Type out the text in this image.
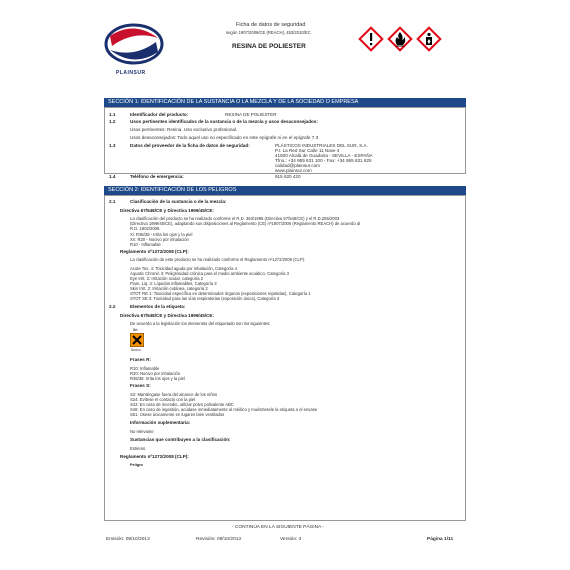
PLAINSUR
Ficha de datos de seguridad
según 1907/2006/CE (REACH), 453/2010/EC
RESINA DE POLIESTER
SECCIÓN 1: IDENTIFICACIÓN DE LA SUSTANCIA O LA MEZCLA Y DE LA SOCIEDAD O EMPRESA
1.1	Identificador del producto:	RESINA DE POLIESTER
1.2	Usos pertinentes identificados de la sustancia o de la mezcla y usos desaconsejados:
Usos pertinentes: Resina. Uso exclusivo profesional.
Usos desaconsejados: Todo aquel uso no especificado en este epígrafe ni en el epígrafe 7.3
1.3	Datos del proveedor de la ficha de datos de seguridad:	PLÁSTICOS INDUSTRIALES DEL SUR, S.A.
P.I. La Red Sur Calle 11 Nave 4
41500 Alcalá de Guadaira - SEVILLA - ESPAÑA
Tfno.: +34 955 631 100 - Fax: +34 955 631 825
calidad@plainsur.com
www.plainsur.com
1.4	Teléfono de emergencia:	915 620 420
SECCIÓN 2: IDENTIFICACIÓN DE LOS PELIGROS
2.1	Clasificación de la sustancia o de la mezcla:
Directiva 67/548/CE y Directiva 1999/45/CE:
La clasificación del producto se ha realizado conforme el R.D. 363/1995 (Directiva 67/548/CE) y el R.D.255/2003
(Directiva 1999/45/CE), adaptando sus disposiciones al Reglamento (CE) nº1907/2006 (Reglamento REACH) de acuerdo al
R.D. 1802/2008.
Xi: R36/38 - Irrita los ojos y la piel
Xn: R20 - Nocivo por inhalación
R10 - Inflamable
Reglamento nº1272/2008 (CLP):
La clasificación de este producto se ha realizado conforme el Reglamento nº1272/2008 (CLP).
Acute Tox. 4: Toxicidad aguda por inhalación, Categoría 4
Aquatic Chronic 3: Peligrosidad crónica para el medio ambiente acuático, Categoría 3
Eye Irrit. 2: Irritación ocular, categoría 2
Flam. Liq. 3: Líquidos inflamables, Categoría 3
Skin Irrit. 2: Irritación cutánea, categoría 2
STOT RE 1: Toxicidad específica en determinados órganos (exposiciones repetidas), Categoría 1
STOT SE 3: Toxicidad para las vías respiratorias (exposición única), Categoría 3
2.2	Elementos de la etiqueta:
Directiva 67/548/CE y Directiva 1999/45/CE:
De acuerdo a la legislación los elementos del etiquetado son los siguientes:
Xn
Nocivo
Frases R:
R10: Inflamable
R20: Nocivo por inhalación
R36/38: Irrita los ojos y la piel
Frases S:
S2: Manténgase fuera del alcance de los niños
S24: Evítese el contacto con la piel
S43: En caso de incendio, utilizar polvo polivalente ABC
S46: En caso de ingestión, acúdase inmediatamente al médico y muéstresele la etiqueta o el envase
S51: Úsese únicamente en lugares bien ventilados
Información suplementaria:
No relevante
Sustancias que contribuyen a la clasificación:
Estireno
Reglamento nº1272/2008 (CLP):
Peligro
- CONTINÚA EN LA SIGUIENTE PÁGINA -
Emisión: 09/10/2013	Revisión: 09/10/2013	Versión: 3	Página 1/11
